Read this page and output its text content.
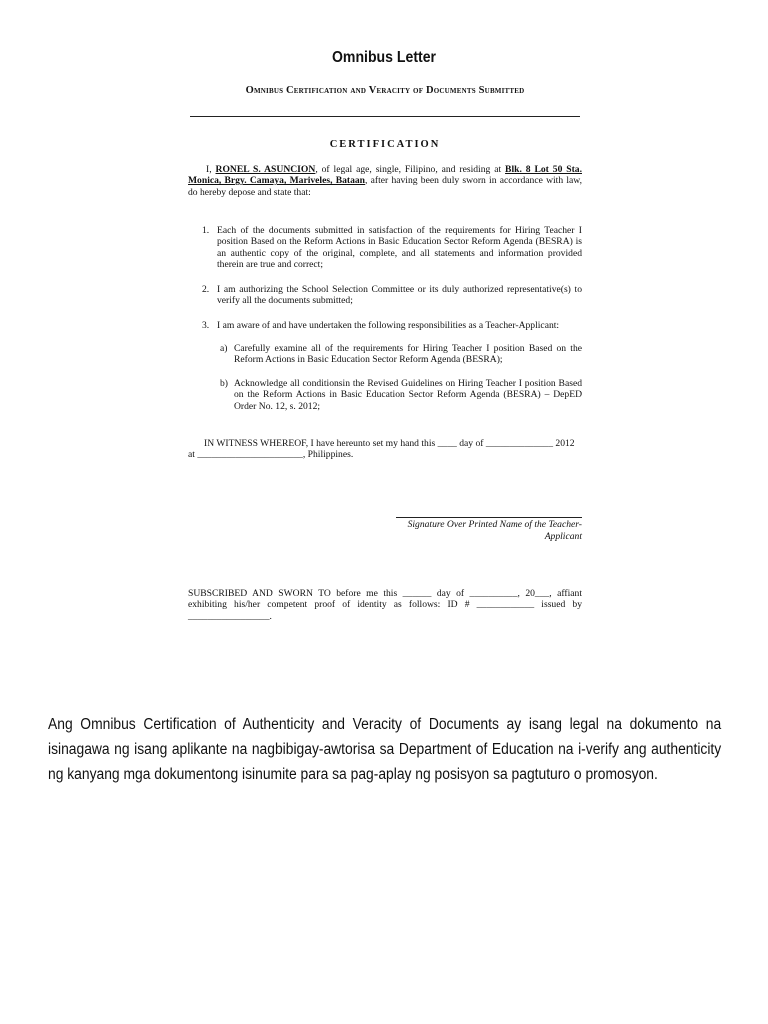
Omnibus Letter
Omnibus Certification and Veracity of Documents Submitted
CERTIFICATION
I, RONEL S. ASUNCION, of legal age, single, Filipino, and residing at Blk. 8 Lot 50 Sta. Monica, Brgy. Camaya, Mariveles, Bataan, after having been duly sworn in accordance with law, do hereby depose and state that:
1. Each of the documents submitted in satisfaction of the requirements for Hiring Teacher I position Based on the Reform Actions in Basic Education Sector Reform Agenda (BESRA) is an authentic copy of the original, complete, and all statements and information provided therein are true and correct;
2. I am authorizing the School Selection Committee or its duly authorized representative(s) to verify all the documents submitted;
3. I am aware of and have undertaken the following responsibilities as a Teacher-Applicant:
a) Carefully examine all of the requirements for Hiring Teacher I position Based on the Reform Actions in Basic Education Sector Reform Agenda (BESRA);
b) Acknowledge all conditionsin the Revised Guidelines on Hiring Teacher I position Based on the Reform Actions in Basic Education Sector Reform Agenda (BESRA) – DepED Order No. 12, s. 2012;
IN WITNESS WHEREOF, I have hereunto set my hand this ____ day of ______________ 2012 at ______________________, Philippines.
Signature Over Printed Name of the Teacher-Applicant
SUBSCRIBED AND SWORN TO before me this ______ day of __________, 20___, affiant exhibiting his/her competent proof of identity as follows: ID # ____________ issued by _________________.
Ang Omnibus Certification of Authenticity and Veracity of Documents ay isang legal na dokumento na isinagawa ng isang aplikante na nagbibigay-awtorisa sa Department of Education na i-verify ang authenticity ng kanyang mga dokumentong isinumite para sa pag-aplay ng posisyon sa pagtuturo o promosyon.
